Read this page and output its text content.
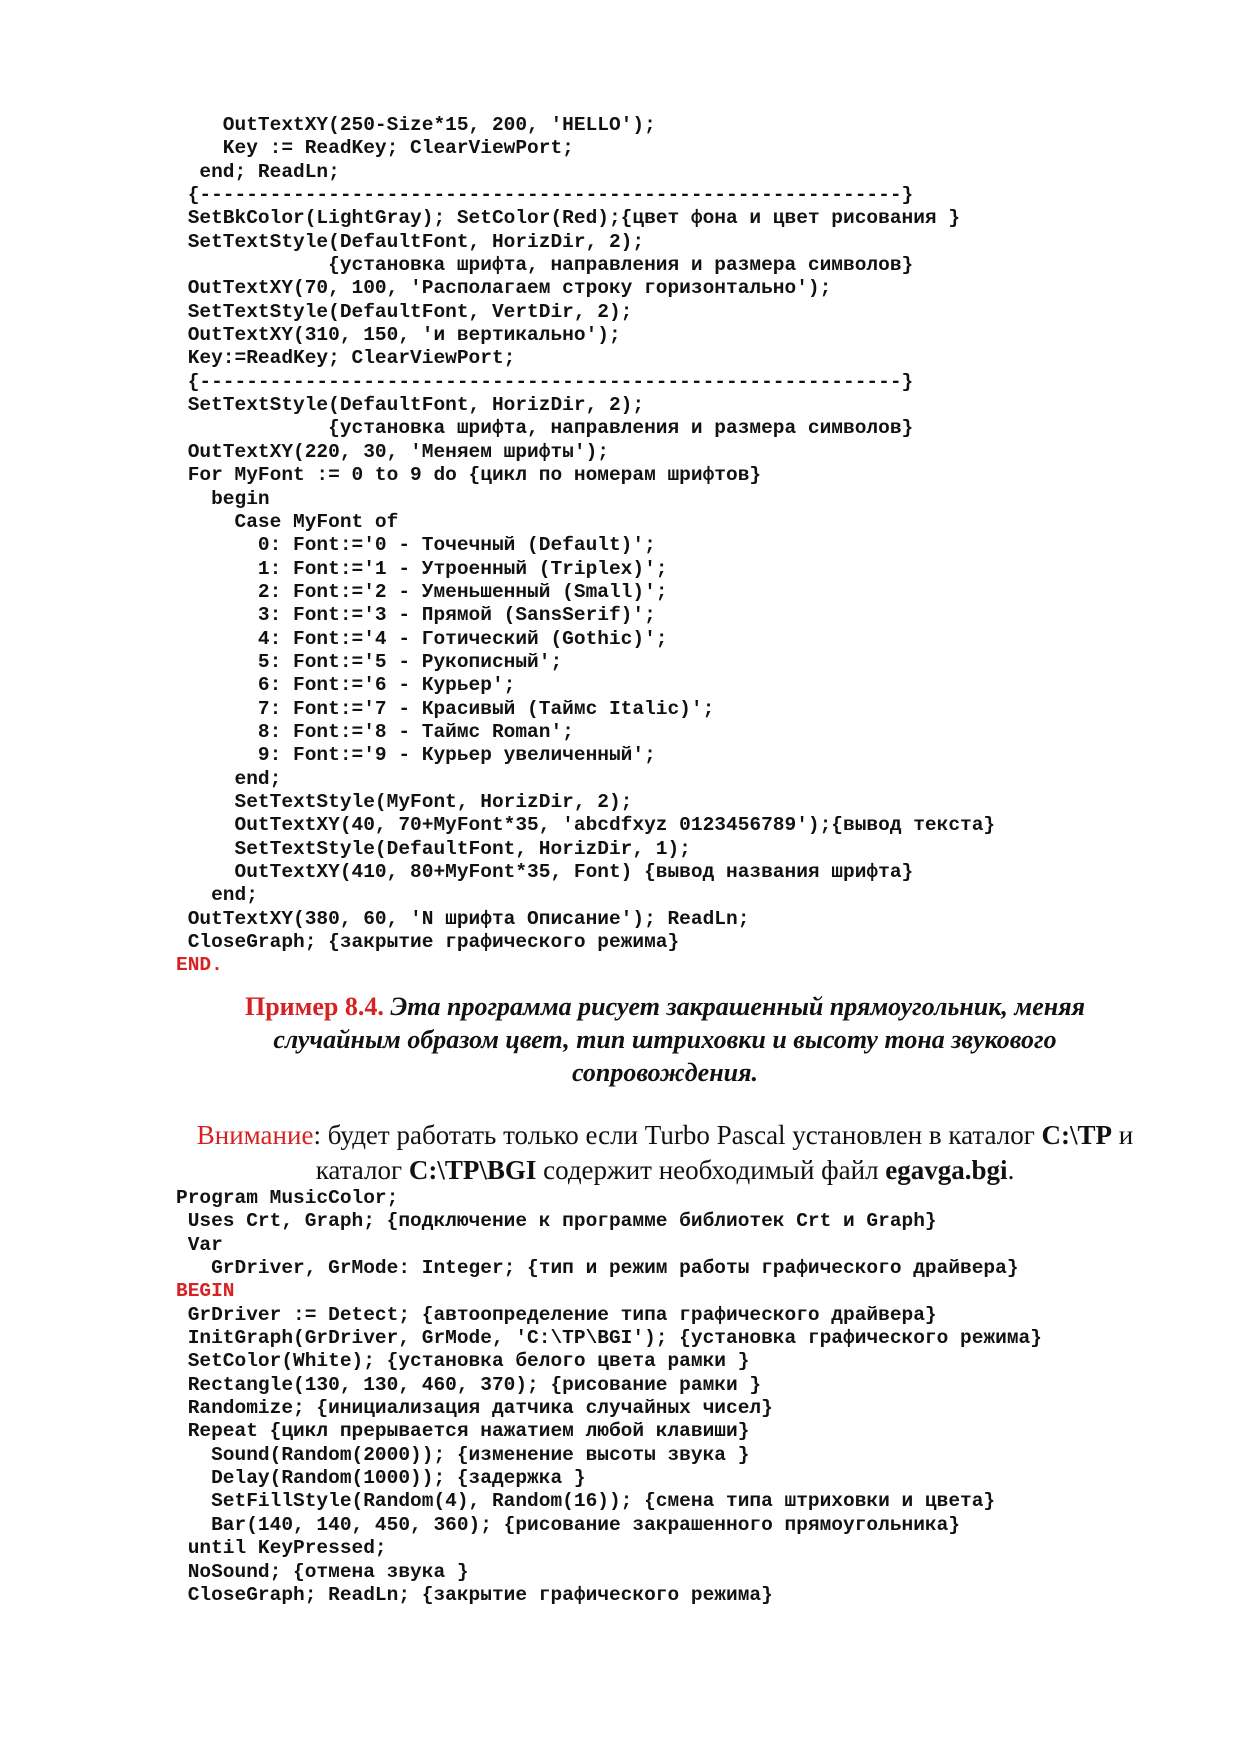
OutTextXY(250-Size*15, 200, 'HELLO');
Key := ReadKey; ClearViewPort;
end; ReadLn;
{------------------------------------------------------------}
SetBkColor(LightGray); SetColor(Red);{цвет фона и цвет рисования }
SetTextStyle(DefaultFont, HorizDir, 2);
{установка шрифта, направления и размера символов}
OutTextXY(70, 100, 'Располагаем строку горизонтально');
SetTextStyle(DefaultFont, VertDir, 2);
OutTextXY(310, 150, 'и вертикально');
Key:=ReadKey; ClearViewPort;
{------------------------------------------------------------}
SetTextStyle(DefaultFont, HorizDir, 2);
{установка шрифта, направления и размера символов}
OutTextXY(220, 30, 'Меняем шрифты');
For MyFont := 0 to 9 do {цикл по номерам шрифтов}
begin
Case MyFont of
0: Font:='0 - Точечный (Default)';
1: Font:='1 - Утроенный (Triplex)';
2: Font:='2 - Уменьшенный (Small)';
3: Font:='3 - Прямой (SansSerif)';
4: Font:='4 - Готический (Gothic)';
5: Font:='5 - Рукописный';
6: Font:='6 - Курьер';
7: Font:='7 - Красивый (Таймс Italic)';
8: Font:='8 - Таймс Roman';
9: Font:='9 - Курьер увеличенный';
end;
SetTextStyle(MyFont, HorizDir, 2);
OutTextXY(40, 70+MyFont*35, 'abcdfxyz 0123456789');{вывод текста}
SetTextStyle(DefaultFont, HorizDir, 1);
OutTextXY(410, 80+MyFont*35, Font) {вывод названия шрифта}
end;
OutTextXY(380, 60, 'N шрифта Описание'); ReadLn;
CloseGraph; {закрытие графического режима}
END.
Пример 8.4. Эта программа рисует закрашенный прямоугольник, меняя случайным образом цвет, тип штриховки и высоту тона звукового сопровождения.
Внимание: будет работать только если Turbo Pascal установлен в каталог C:\TP и каталог C:\TP\BGI содержит необходимый файл egavga.bgi.
Program MusicColor;
Uses Crt, Graph; {подключение к программе библиотек Crt и Graph}
Var
GrDriver, GrMode: Integer; {тип и режим работы графического драйвера}
BEGIN
GrDriver := Detect; {автоопределение типа графического драйвера}
InitGraph(GrDriver, GrMode, 'C:\TP\BGI'); {установка графического режима}
SetColor(White); {установка белого цвета рамки }
Rectangle(130, 130, 460, 370); {рисование рамки }
Randomize; {инициализация датчика случайных чисел}
Repeat {цикл прерывается нажатием любой клавиши}
Sound(Random(2000)); {изменение высоты звука }
Delay(Random(1000)); {задержка }
SetFillStyle(Random(4), Random(16)); {смена типа штриховки и цвета}
Bar(140, 140, 450, 360); {рисование закрашенного прямоугольника}
until KeyPressed;
NoSound; {отмена звука }
CloseGraph; ReadLn; {закрытие графического режима}
